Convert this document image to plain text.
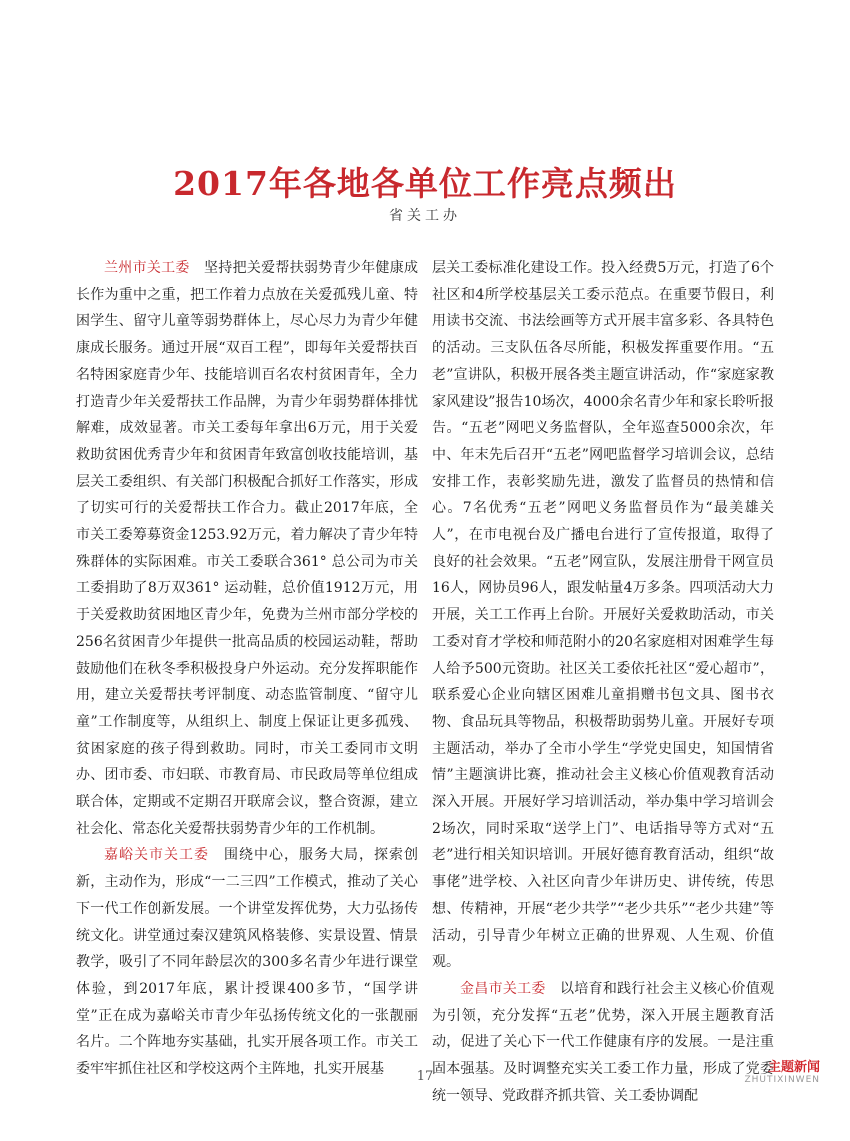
2017年各地各单位工作亮点频出
省关工办

兰州市关工委  坚持把关爱帮扶弱势青少年健康成长作为重中之重，把工作着力点放在关爱孤残儿童、特困学生、留守儿童等弱势群体上，尽心尽力为青少年健康成长服务。通过开展“双百工程”，即每年关爱帮扶百名特困家庭青少年、技能培训百名农村贫困青年，全力打造青少年关爱帮扶工作品牌，为青少年弱势群体排忧解难，成效显著。市关工委每年拿出6万元，用于关爱救助贫困优秀青少年和贫困青年致富创收技能培训，基层关工委组织、有关部门积极配合抓好工作落实，形成了切实可行的关爱帮扶工作合力。截止2017年底，全市关工委筹募资金1253.92万元，着力解决了青少年特殊群体的实际困难。市关工委联合361° 总公司为市关工委捐助了8万双361° 运动鞋，总价值1912万元，用于关爱救助贫困地区青少年，免费为兰州市部分学校的256名贫困青少年提供一批高品质的校园运动鞋，帮助鼓励他们在秋冬季积极投身户外运动。充分发挥职能作用，建立关爱帮扶考评制度、动态监管制度、“留守儿童”工作制度等，从组织上、制度上保证让更多孤残、贫困家庭的孩子得到救助。同时，市关工委同市文明办、团市委、市妇联、市教育局、市民政局等单位组成联合体，定期或不定期召开联席会议，整合资源，建立社会化、常态化关爱帮扶弱势青少年的工作机制。

嘉峪关市关工委  围绕中心，服务大局，探索创新，主动作为，形成“一二三四”工作模式，推动了关心下一代工作创新发展。一个讲堂发挥优势，大力弘扬传统文化。讲堂通过秦汉建筑风格装修、实景设置、情景教学，吸引了不同年龄层次的300多名青少年进行课堂体验，到2017年底，累计授课400多节，“国学讲堂”正在成为嘉峪关市青少年弘扬传统文化的一张靓丽名片。二个阵地夯实基础，扎实开展各项工作。市关工委牢牢抓住社区和学校这两个主阵地，扎实开展基

层关工委标准化建设工作。投入经费5万元，打造了6个社区和4所学校基层关工委示范点。在重要节假日，利用读书交流、书法绘画等方式开展丰富多彩、各具特色的活动。三支队伍各尽所能，积极发挥重要作用。“五老”宣讲队，积极开展各类主题宣讲活动，作“家庭家教家风建设”报告10场次，4000余名青少年和家长聆听报告。“五老”网吧义务监督队，全年巡查5000余次，年中、年末先后召开“五老”网吧监督学习培训会议，总结安排工作，表彰奖励先进，激发了监督员的热情和信心。7名优秀“五老”网吧义务监督员作为“最美雄关人”，在市电视台及广播电台进行了宣传报道，取得了良好的社会效果。“五老”网宣队，发展注册骨干网宣员16人，网协员96人，跟发帖量4万多条。四项活动大力开展，关工工作再上台阶。开展好关爱救助活动，市关工委对育才学校和师范附小的20名家庭相对困难学生每人给予500元资助。社区关工委依托社区“爱心超市”，联系爱心企业向辖区困难儿童捐赠书包文具、图书衣物、食品玩具等物品，积极帮助弱势儿童。开展好专项主题活动，举办了全市小学生“学党史国史，知国情省情”主题演讲比赛，推动社会主义核心价值观教育活动深入开展。开展好学习培训活动，举办集中学习培训会2场次，同时采取“送学上门”、电话指导等方式对“五老”进行相关知识培训。开展好德育教育活动，组织“故事佬”进学校、入社区向青少年讲历史、讲传统，传思想、传精神，开展“老少共学”“老少共乐”“老少共建”等活动，引导青少年树立正确的世界观、人生观、价值观。

金昌市关工委  以培育和践行社会主义核心价值观为引领，充分发挥“五老”优势，深入开展主题教育活动，促进了关心下一代工作健康有序的发展。一是注重固本强基。及时调整充实关工委工作力量，形成了党委统一领导、党政群齐抓共管、关工委协调配

17
主题新闻
ZHUTIXINWEN
